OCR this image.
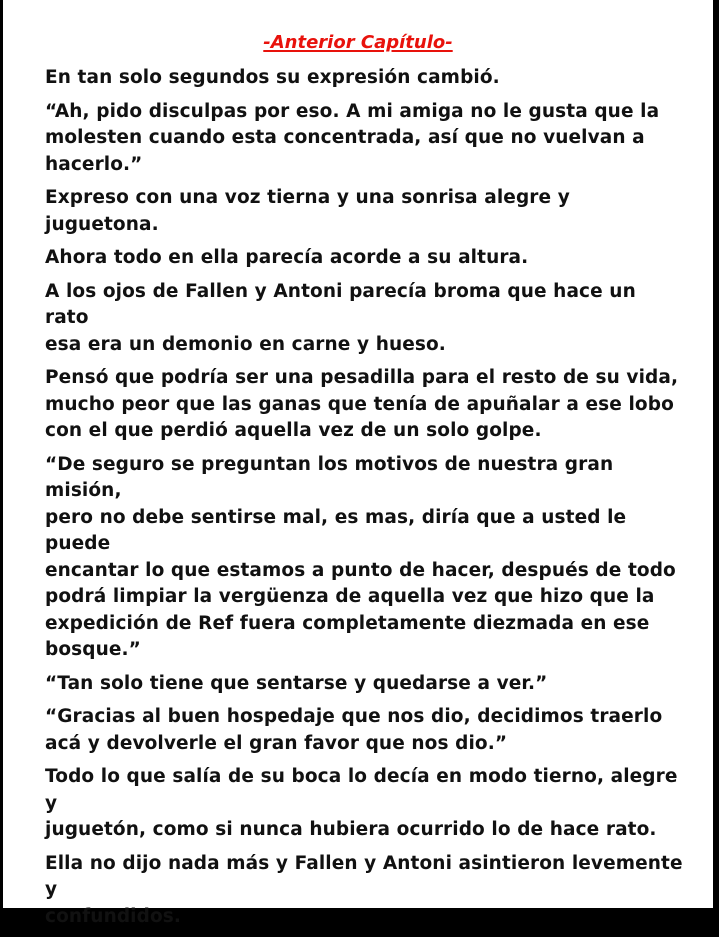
-Anterior Capítulo-

En tan solo segundos su expresión cambió.

“Ah, pido disculpas por eso. A mi amiga no le gusta que la
molesten cuando esta concentrada, así que no vuelvan a
hacerlo.”

Expreso con una voz tierna y una sonrisa alegre y juguetona.

Ahora todo en ella parecía acorde a su altura.

A los ojos de Fallen y Antoni parecía broma que hace un rato
esa era un demonio en carne y hueso.

Pensó que podría ser una pesadilla para el resto de su vida,
mucho peor que las ganas que tenía de apuñalar a ese lobo
con el que perdió aquella vez de un solo golpe.

“De seguro se preguntan los motivos de nuestra gran misión,
pero no debe sentirse mal, es mas, diría que a usted le puede
encantar lo que estamos a punto de hacer, después de todo
podrá limpiar la vergüenza de aquella vez que hizo que la
expedición de Ref fuera completamente diezmada en ese
bosque.”

“Tan solo tiene que sentarse y quedarse a ver.”

“Gracias al buen hospedaje que nos dio, decidimos traerlo
acá y devolverle el gran favor que nos dio.”

Todo lo que salía de su boca lo decía en modo tierno, alegre y
juguetón, como si nunca hubiera ocurrido lo de hace rato.

Ella no dijo nada más y Fallen y Antoni asintieron levemente y
confundidos.
